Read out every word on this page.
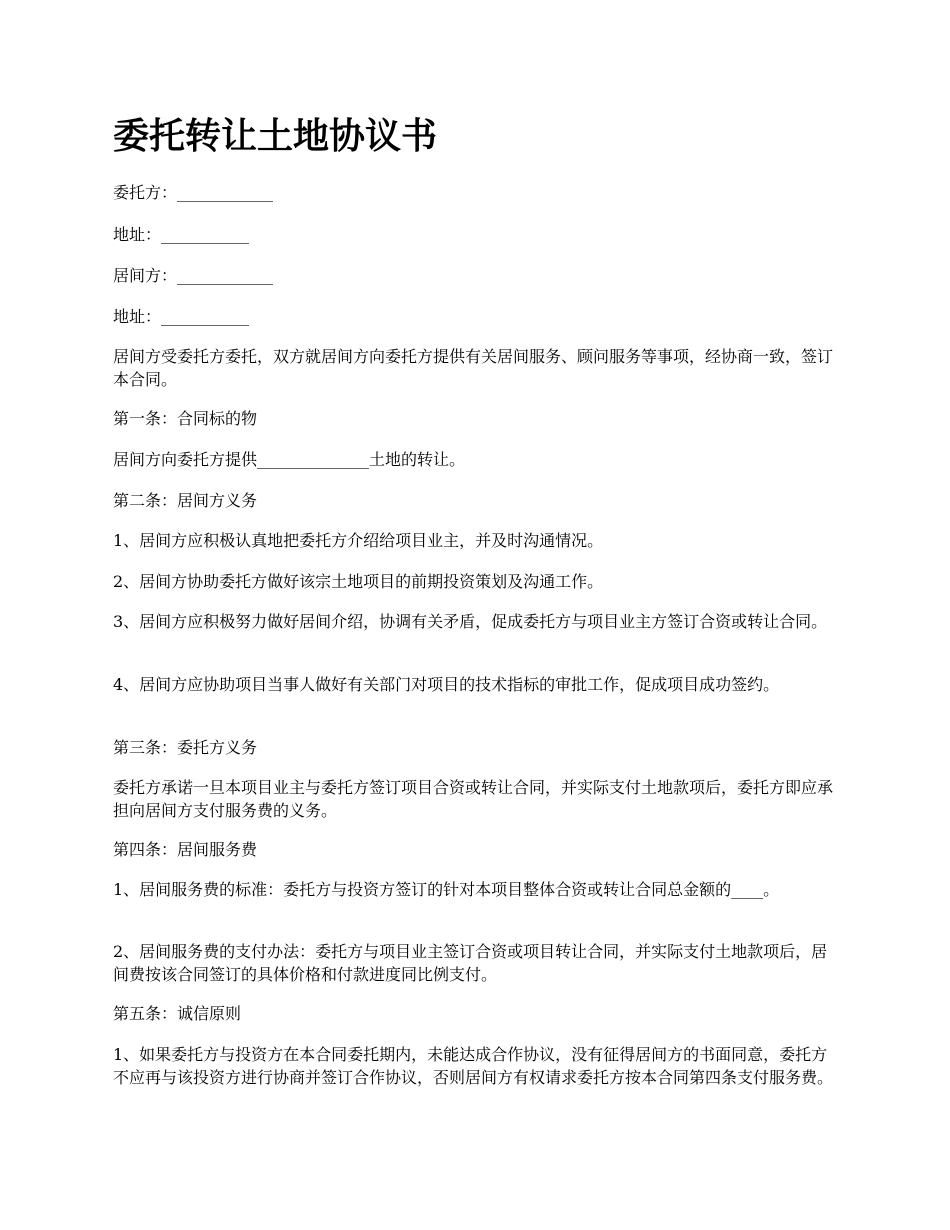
委托转让土地协议书
委托方：____________
地址：___________
居间方：____________
地址：___________
居间方受委托方委托，双方就居间方向委托方提供有关居间服务、顾问服务等事项，经协商一致，签订本合同。
第一条：合同标的物
居间方向委托方提供______________土地的转让。
第二条：居间方义务
1、居间方应积极认真地把委托方介绍给项目业主，并及时沟通情况。
2、居间方协助委托方做好该宗土地项目的前期投资策划及沟通工作。
3、居间方应积极努力做好居间介绍，协调有关矛盾，促成委托方与项目业主方签订合资或转让合同。
4、居间方应协助项目当事人做好有关部门对项目的技术指标的审批工作，促成项目成功签约。
第三条：委托方义务
委托方承诺一旦本项目业主与委托方签订项目合资或转让合同，并实际支付土地款项后，委托方即应承担向居间方支付服务费的义务。
第四条：居间服务费
1、居间服务费的标准：委托方与投资方签订的针对本项目整体合资或转让合同总金额的____。
2、居间服务费的支付办法：委托方与项目业主签订合资或项目转让合同，并实际支付土地款项后，居间费按该合同签订的具体价格和付款进度同比例支付。
第五条：诚信原则
1、如果委托方与投资方在本合同委托期内，未能达成合作协议，没有征得居间方的书面同意，委托方不应再与该投资方进行协商并签订合作协议，否则居间方有权请求委托方按本合同第四条支付服务费。
